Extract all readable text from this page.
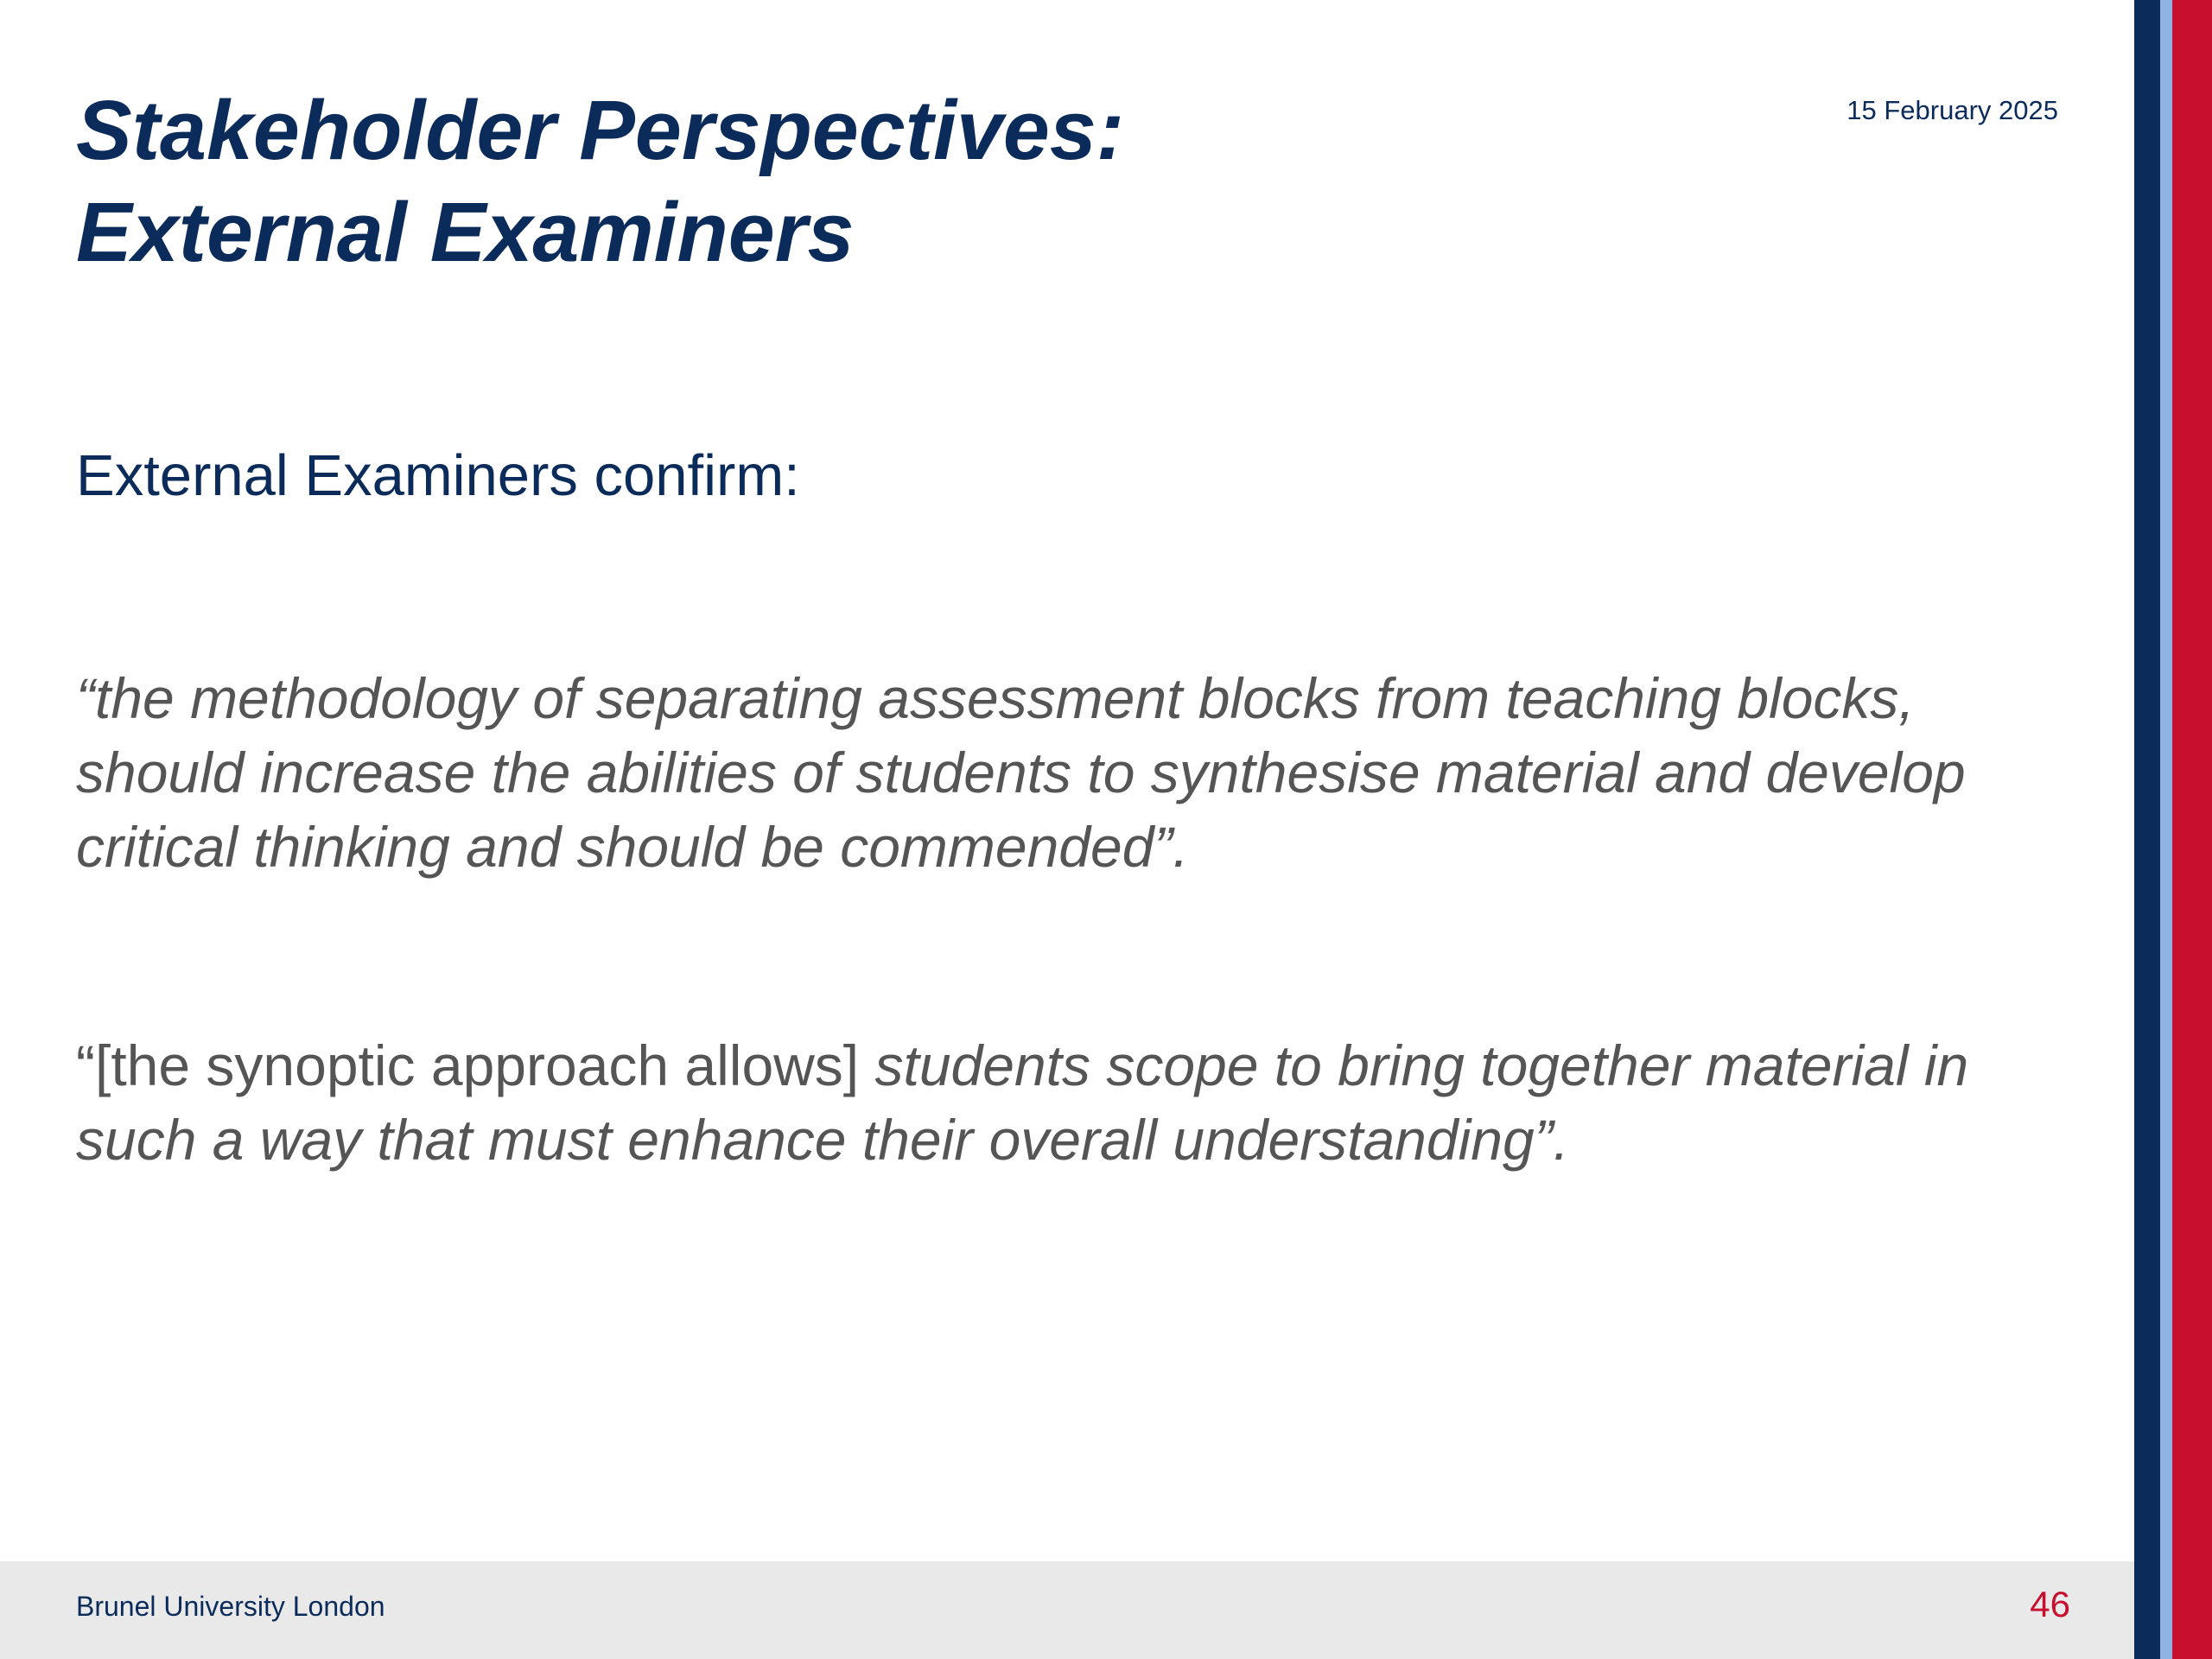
Stakeholder Perspectives:
External Examiners
15 February 2025

External Examiners confirm:

“the methodology of separating assessment blocks from teaching blocks, should increase the abilities of students to synthesise material and develop critical thinking and should be commended”.

“[the synoptic approach allows] students scope to bring together material in such a way that must enhance their overall understanding”.

Brunel University London	46
